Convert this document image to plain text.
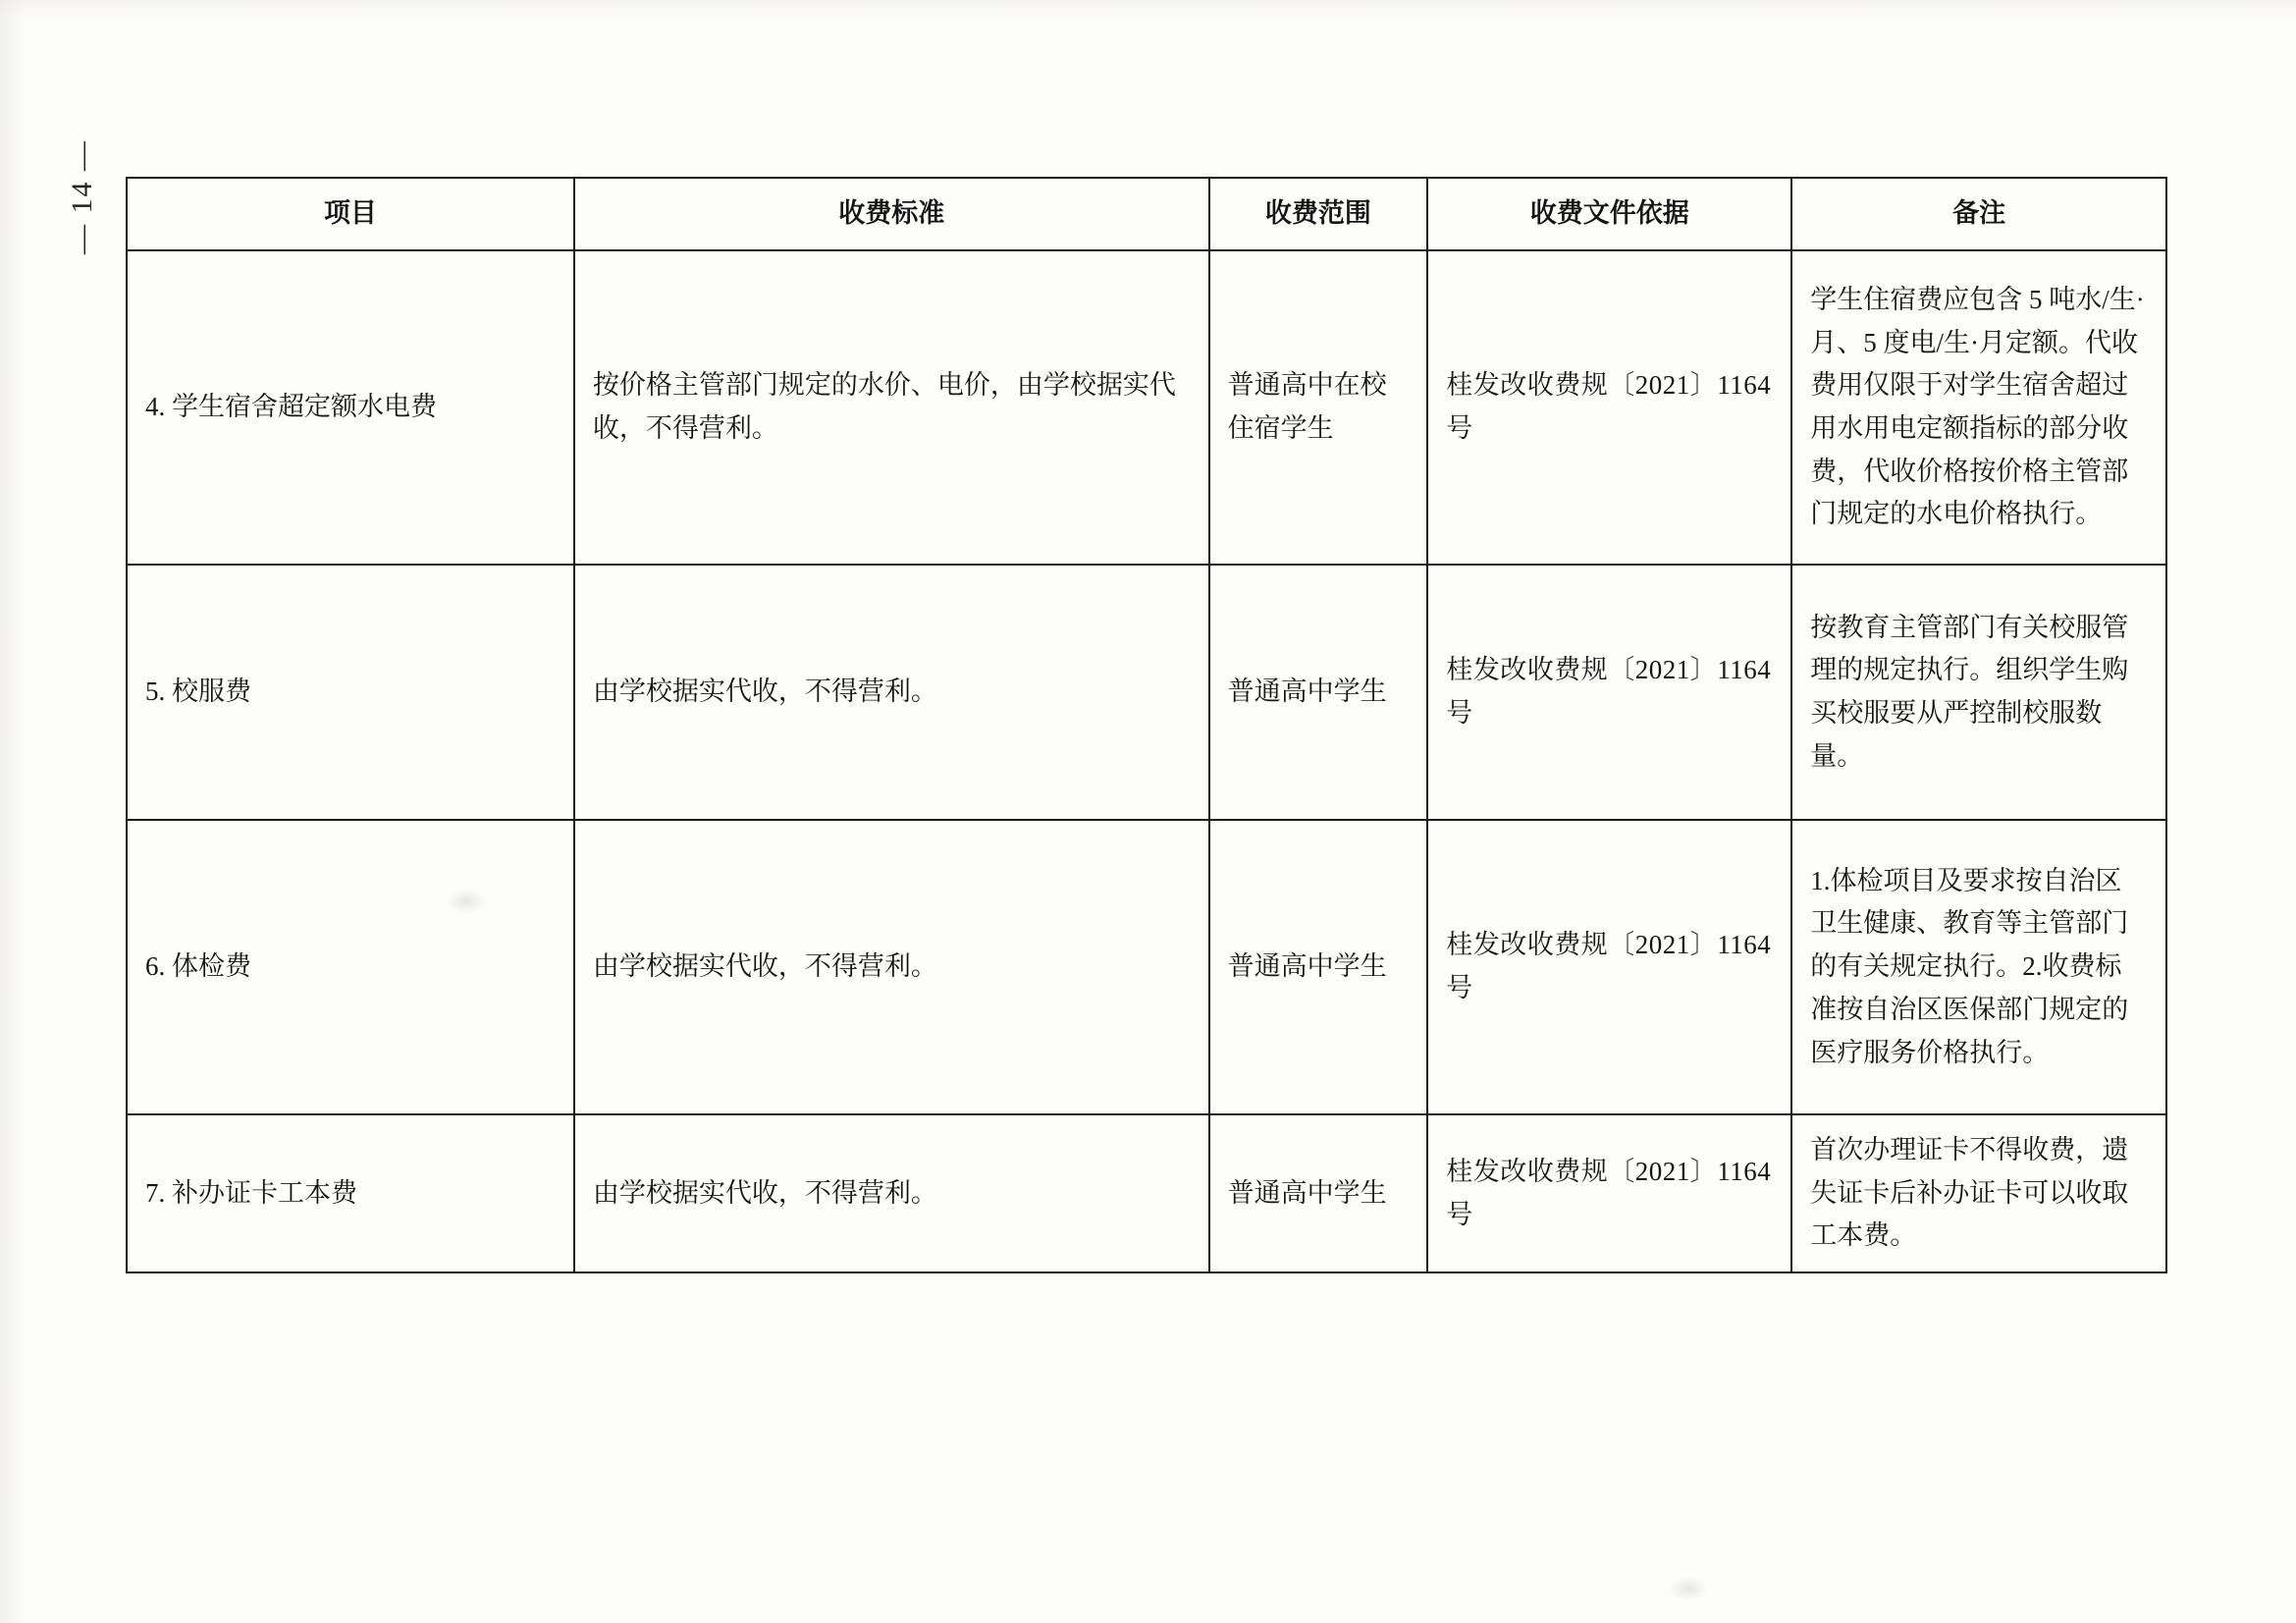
— 14 —	项目	收费标准	收费范围	收费文件依据	备注
4. 学生宿舍超定额水电费	按价格主管部门规定的水价、电价，由学校据实代收，不得营利。	普通高中在校住宿学生	桂发改收费规〔2021〕1164号	学生住宿费应包含 5 吨水/生·月、5 度电/生·月定额。代收费用仅限于对学生宿舍超过用水用电定额指标的部分收费，代收价格按价格主管部门规定的水电价格执行。
5. 校服费	由学校据实代收，不得营利。	普通高中学生	桂发改收费规〔2021〕1164号	按教育主管部门有关校服管理的规定执行。组织学生购买校服要从严控制校服数量。
6. 体检费	由学校据实代收，不得营利。	普通高中学生	桂发改收费规〔2021〕1164号	1.体检项目及要求按自治区卫生健康、教育等主管部门的有关规定执行。2.收费标准按自治区医保部门规定的医疗服务价格执行。
7. 补办证卡工本费	由学校据实代收，不得营利。	普通高中学生	桂发改收费规〔2021〕1164号	首次办理证卡不得收费，遗失证卡后补办证卡可以收取工本费。
